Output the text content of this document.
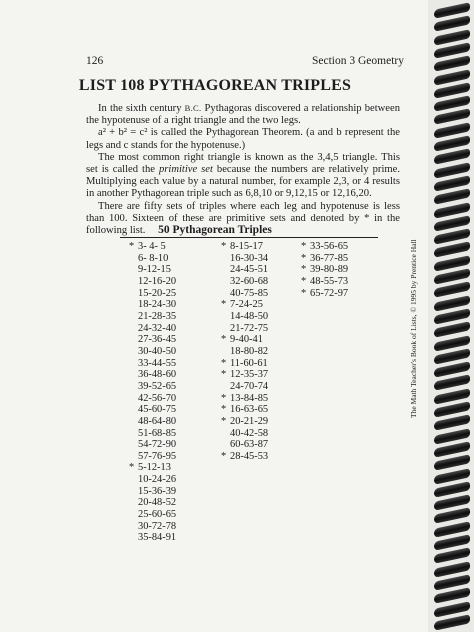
126	Section 3 Geometry
LIST 108 PYTHAGOREAN TRIPLES

In the sixth century B.C. Pythagoras discovered a relationship between the hypotenuse of a right triangle and the two legs.

a² + b² = c² is called the Pythagorean Theorem. (a and b represent the legs and c stands for the hypotenuse.)

The most common right triangle is known as the 3,4,5 triangle. This set is called the primitive set because the numbers are relatively prime. Multiplying each value by a natural number, for example 2,3, or 4 results in another Pythagorean triple such as 6,8,10 or 9,12,15 or 12,16,20.

There are fifty sets of triples where each leg and hypotenuse is less than 100. Sixteen of these are primitive sets and denoted by * in the following list.	50 Pythagorean Triples
* 3- 4- 5
6- 8-10
9-12-15
12-16-20
15-20-25
18-24-30
21-28-35
24-32-40
27-36-45
30-40-50
33-44-55
36-48-60
39-52-65
42-56-70
45-60-75
48-64-80
51-68-85
54-72-90
57-76-95
* 5-12-13
10-24-26
15-36-39
20-48-52
25-60-65
30-72-78
35-84-91
* 8-15-17
16-30-34
24-45-51
32-60-68
40-75-85
* 7-24-25
14-48-50
21-72-75
* 9-40-41
18-80-82
* 11-60-61
* 12-35-37
24-70-74
* 13-84-85
* 16-63-65
* 20-21-29
40-42-58
60-63-87
* 28-45-53
* 33-56-65
* 36-77-85
* 39-80-89
* 48-55-73
* 65-72-97	The Math Teacher's Book of Lists, © 1995 by Prentice Hall
